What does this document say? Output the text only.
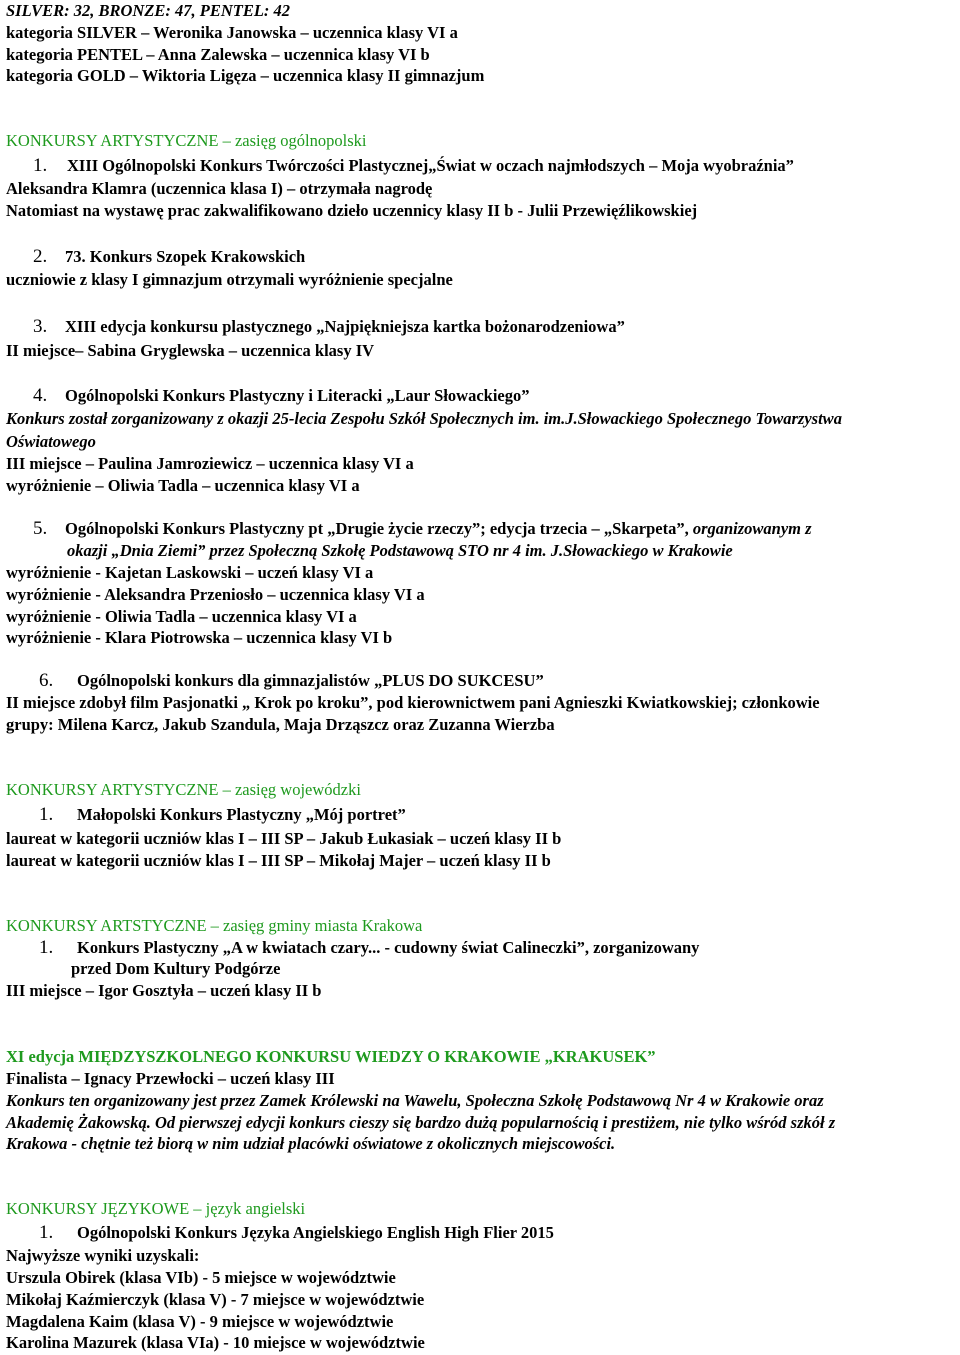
SILVER: 32, BRONZE: 47, PENTEL: 42
kategoria SILVER – Weronika Janowska – uczennica klasy VI a
kategoria PENTEL – Anna Zalewska – uczennica klasy VI b
kategoria GOLD – Wiktoria Ligęza – uczennica klasy II gimnazjum
KONKURSY ARTYSTYCZNE – zasięg ogólnopolski
1. XIII Ogólnopolski Konkurs Twórczości Plastycznej„Świat w oczach najmłodszych – Moja wyobraźnia”
Aleksandra Klamra (uczennica klasa I) – otrzymała nagrodę
Natomiast na wystawę prac zakwalifikowano dzieło uczennicy klasy II b - Julii Przewięźlikowskiej
2. 73. Konkurs Szopek Krakowskich
uczniowie z klasy I gimnazjum otrzymali wyróżnienie specjalne
3. XIII edycja konkursu plastycznego „Najpiękniejsza kartka bożonarodzeniowa”
II miejsce– Sabina Gryglewska – uczennica klasy IV
4. Ogólnopolski Konkurs Plastyczny i Literacki „Laur Słowackiego”
Konkurs został zorganizowany z okazji 25-lecia Zespołu Szkół Społecznych im. im.J.Słowackiego Społecznego Towarzystwa
Oświatowego
III miejsce – Paulina Jamroziewicz – uczennica klasy VI a
wyróżnienie – Oliwia Tadla – uczennica klasy VI a
5. Ogólnopolski Konkurs Plastyczny pt „Drugie życie rzeczy”; edycja trzecia – „Skarpeta”, organizowanym z
okazji „Dnia Ziemi” przez Społeczną Szkołę Podstawową STO nr 4 im. J.Słowackiego w Krakowie
wyróżnienie - Kajetan Laskowski – uczeń klasy VI a
wyróżnienie - Aleksandra Przeniosło – uczennica klasy VI a
wyróżnienie - Oliwia Tadla – uczennica klasy VI a
wyróżnienie - Klara Piotrowska – uczennica klasy VI b
6. Ogólnopolski konkurs dla gimnazjalistów „PLUS DO SUKCESU”
II miejsce zdobył film Pasjonatki „ Krok po kroku”, pod kierownictwem pani Agnieszki Kwiatkowskiej; członkowie
grupy: Milena Karcz, Jakub Szandula, Maja Drząszcz oraz Zuzanna Wierzba
KONKURSY ARTYSTYCZNE – zasięg wojewódzki
1. Małopolski Konkurs Plastyczny „Mój portret”
laureat w kategorii uczniów klas I – III SP – Jakub Łukasiak – uczeń klasy II b
laureat w kategorii uczniów klas I – III SP – Mikołaj Majer – uczeń klasy II b
KONKURSY ARTSTYCZNE – zasięg gminy miasta Krakowa
1. Konkurs Plastyczny „A w kwiatach czary... - cudowny świat Calineczki”, zorganizowany
przed Dom Kultury Podgórze
III miejsce – Igor Gosztyła – uczeń klasy II b
XI edycja MIĘDZYSZKOLNEGO KONKURSU WIEDZY O KRAKOWIE „KRAKUSEK”
Finalista – Ignacy Przewłocki – uczeń klasy III
Konkurs ten organizowany jest przez Zamek Królewski na Wawelu, Społeczna Szkołę Podstawową Nr 4 w Krakowie oraz
Akademię Żakowską. Od pierwszej edycji konkurs cieszy się bardzo dużą popularnością i prestiżem, nie tylko wśród szkół z
Krakowa - chętnie też biorą w nim udział placówki oświatowe z okolicznych miejscowości.
KONKURSY JĘZYKOWE – język angielski
1. Ogólnopolski Konkurs Języka Angielskiego English High Flier 2015
Najwyższe wyniki uzyskali:
Urszula Obirek (klasa VIb) - 5 miejsce w województwie
Mikołaj Kaźmierczyk (klasa V) - 7 miejsce w województwie
Magdalena Kaim (klasa V) - 9 miejsce w województwie
Karolina Mazurek (klasa VIa) - 10 miejsce w województwie
